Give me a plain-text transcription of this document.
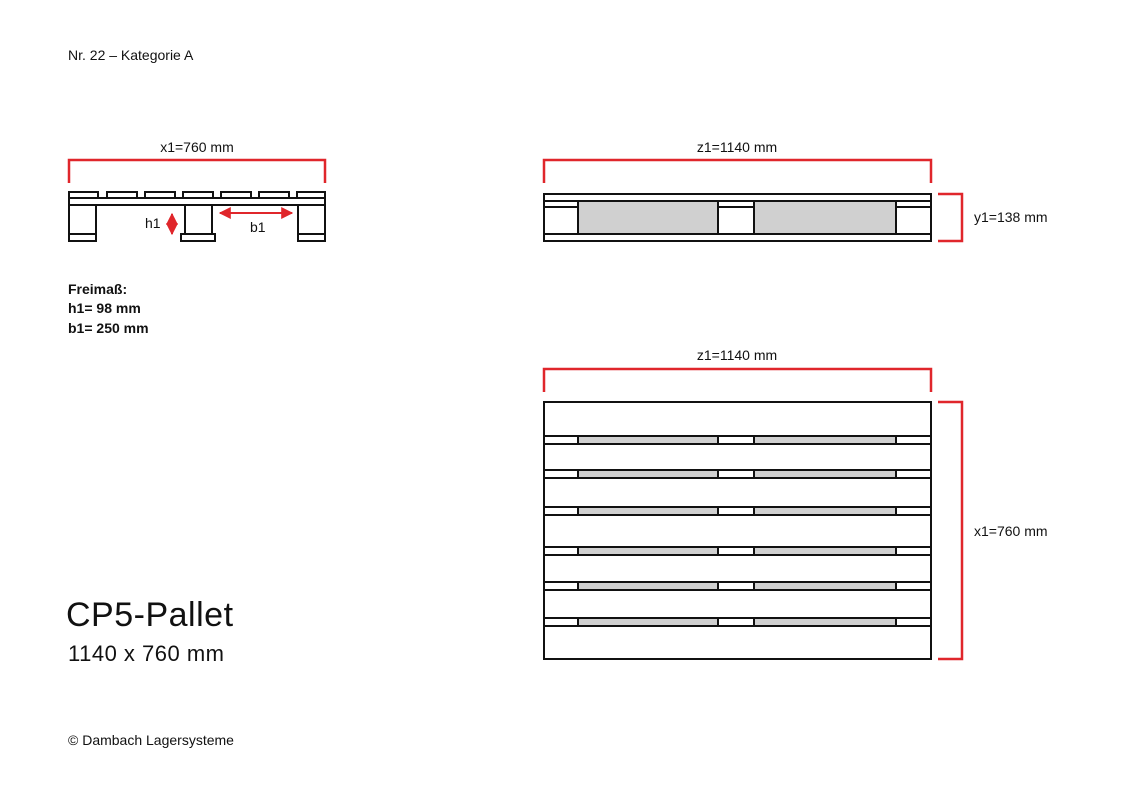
Nr. 22 – Kategorie A
x1=760 mm
h1	b1
z1=1140 mm
y1=138 mm
z1=1140 mm
x1=760 mm
Freimaß:
h1= 98 mm
b1= 250 mm
CP5-Pallet
1140 x 760 mm
© Dambach Lagersysteme
